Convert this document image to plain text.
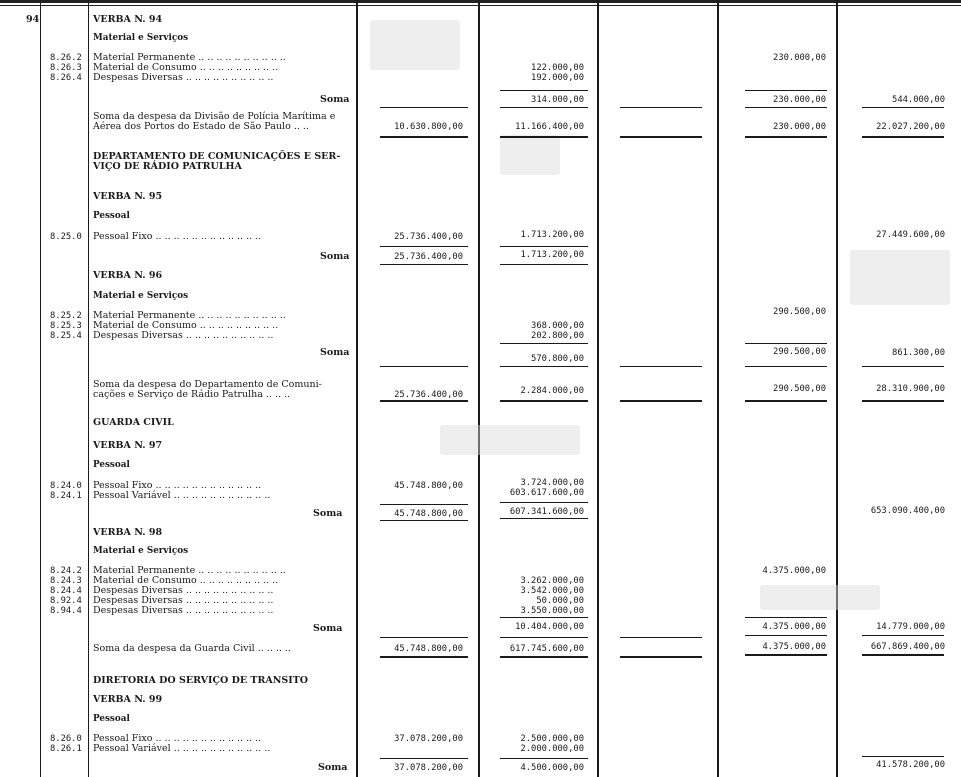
94	VERBA N. 94
Material e Serviços
8.26.2
8.26.3
8.26.4
Material Permanente .. .. .. .. .. .. .. .. .. ..
Material de Consumo .. .. .. .. .. .. .. .. ..
Despesas Diversas .. .. .. .. .. .. .. .. .. ..
Soma
Soma da despesa da Divisão de Polícia Marítima e
Aérea dos Portos do Estado de São Paulo .. ..
DEPARTAMENTO DE COMUNICAÇÕES E SER-
VIÇO DE RÁDIO PATRULHA
VERBA N. 95
Pessoal
8.25.0 Pessoal Fixo .. .. .. .. .. .. .. .. .. .. .. ..
Soma
VERBA N. 96
Material e Serviços
8.25.2
8.25.3
8.25.4
Material Permanente .. .. .. .. .. .. .. .. .. ..
Material de Consumo .. .. .. .. .. .. .. .. ..
Despesas Diversas .. .. .. .. .. .. .. .. .. ..
Soma
Soma da despesa do Departamento de Comuni-
cações e Serviço de Rádio Patrulha .. .. ..
GUARDA CIVIL
VERBA N. 97
Pessoal
8.24.0
8.24.1
Pessoal Fixo .. .. .. .. .. .. .. .. .. .. .. ..
Pessoal Variável .. .. .. .. .. .. .. .. .. .. ..
Soma
VERBA N. 98
Material e Serviços
8.24.2
8.24.3
8.24.4
8.92.4
8.94.4
Material Permanente .. .. .. .. .. .. .. .. .. ..
Material de Consumo .. .. .. .. .. .. .. .. ..
Despesas Diversas .. .. .. .. .. .. .. .. .. ..
Despesas Diversas .. .. .. .. .. .. .. .. .. ..
Despesas Diversas .. .. .. .. .. .. .. .. .. ..
Soma
Soma da despesa da Guarda Civil .. .. .. ..
DIRETORIA DO SERVIÇO DE TRANSITO
VERBA N. 99
Pessoal
8.26.0
8.26.1
Pessoal Fixo .. .. .. .. .. .. .. .. .. .. .. ..
Pessoal Variável .. .. .. .. .. .. .. .. .. .. ..
Soma
10.630.800,00
25.736.400,00
25.736.400,00
25.736.400,00
45.748.800,00
45.748.800,00
45.748.800,00
37.078.200,00
37.078.200,00
122.000,00
192.000,00
314.000,00
11.166.400,00
1.713.200,00
1.713.200,00
368.000,00
202.800,00
570.800,00
2.284.000,00
3.724.000,00
603.617.600,00
607.341.600,00
3.262.000,00
3.542.000,00
50.000,00
3.550.000,00
10.404.000,00
617.745.600,00
2.500.000,00
2.000.000,00
4.500.000,00
230.000,00
230.000,00
230.000,00
290.500,00
290.500,00
290.500,00
4.375.000,00
4.375.000,00
4.375.000,00
544.000,00
22.027.200,00
27.449.600,00
861.300,00
28.310.900,00
653.090.400,00
14.779.000,00
667.869.400,00
41.578.200,00
